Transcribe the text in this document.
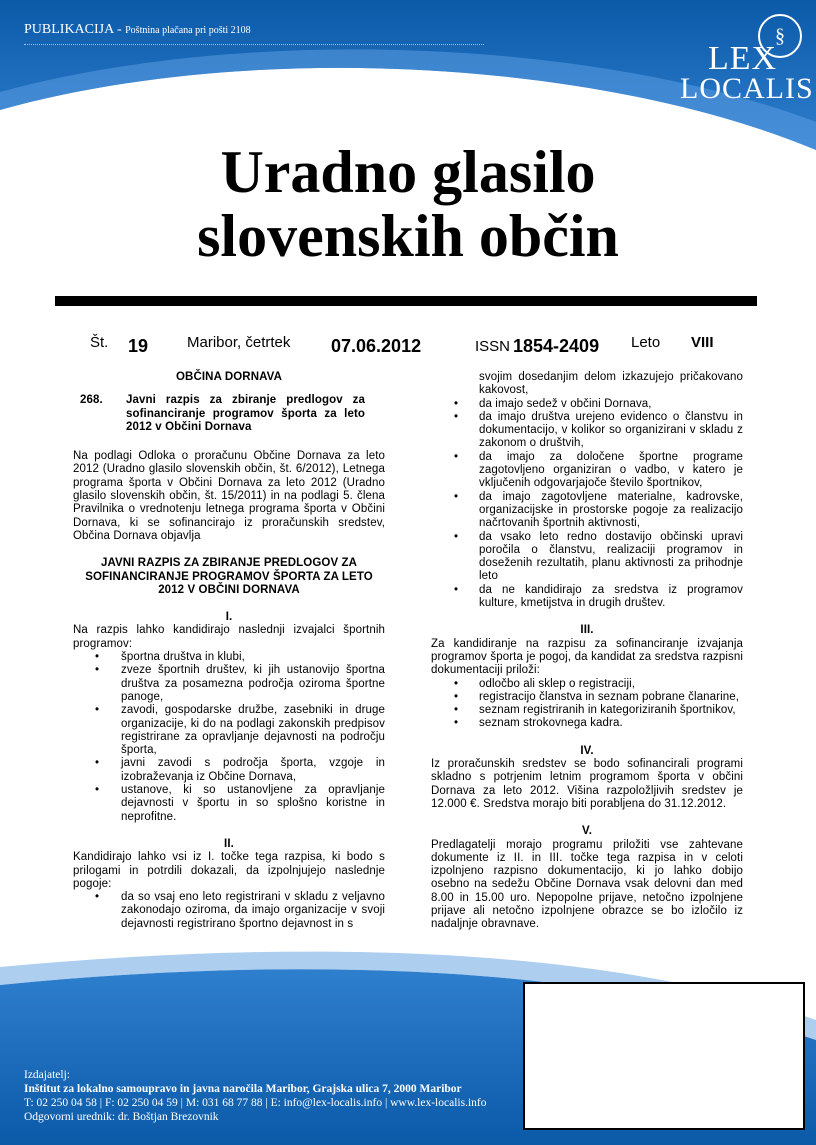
PUBLIKACIJA - Poštnina plačana pri pošti 2108	§
LEX
LOCALIS
Uradno glasilo
slovenskih občin
Št. 19	Maribor, četrtek 07.06.2012	ISSN 1854-2409 Leto VIII
OBČINA DORNAVA
268.	Javni razpis za zbiranje predlogov za sofinanciranje programov športa za leto 2012 v Občini Dornava

Na podlagi Odloka o proračunu Občine Dornava za leto 2012 (Uradno glasilo slovenskih občin, št. 6/2012), Letnega programa športa v Občini Dornava za leto 2012 (Uradno glasilo slovenskih občin, št. 15/2011) in na podlagi 5. člena Pravilnika o vrednotenju letnega programa športa v Občini Dornava, ki se sofinancirajo iz proračunskih sredstev, Občina Dornava objavlja

JAVNI RAZPIS ZA ZBIRANJE PREDLOGOV ZA SOFINANCIRANJE PROGRAMOV ŠPORTA ZA LETO 2012 V OBČINI DORNAVA
I.

Na razpis lahko kandidirajo naslednji izvajalci športnih programov:

• športna društva in klubi,
• zveze športnih društev, ki jih ustanovijo športna društva za posamezna področja oziroma športne panoge,
• zavodi, gospodarske družbe, zasebniki in druge organizacije, ki do na podlagi zakonskih predpisov registrirane za opravljanje dejavnosti na področju športa,
• javni zavodi s področja športa, vzgoje in izobraževanja iz Občine Dornava,
• ustanove, ki so ustanovljene za opravljanje dejavnosti v športu in so splošno koristne in neprofitne.
II.

Kandidirajo lahko vsi iz I. točke tega razpisa, ki bodo s prilogami in potrdili dokazali, da izpolnjujejo naslednje pogoje:

• da so vsaj eno leto registrirani v skladu z veljavno zakonodajo oziroma, da imajo organizacije v svoji dejavnosti registrirano športno dejavnost in s
svojim dosedanjim delom izkazujejo pričakovano kakovost,
• da imajo sedež v občini Dornava,
• da imajo društva urejeno evidenco o članstvu in dokumentacijo, v kolikor so organizirani v skladu z zakonom o društvih,
• da imajo za določene športne programe zagotovljeno organiziran o vadbo, v katero je vključenih odgovarjajoče število športnikov,
• da imajo zagotovljene materialne, kadrovske, organizacijske in prostorske pogoje za realizacijo načrtovanih športnih aktivnosti,
• da vsako leto redno dostavijo občinski upravi poročila o članstvu, realizaciji programov in doseženih rezultatih, planu aktivnosti za prihodnje leto
• da ne kandidirajo za sredstva iz programov kulture, kmetijstva in drugih društev.
III.

Za kandidiranje na razpisu za sofinanciranje izvajanja programov športa je pogoj, da kandidat za sredstva razpisni dokumentaciji priloži:

• odločbo ali sklep o registraciji,
• registracijo članstva in seznam pobrane članarine,
• seznam registriranih in kategoriziranih športnikov,
• seznam strokovnega kadra.
IV.

Iz proračunskih sredstev se bodo sofinancirali programi skladno s potrjenim letnim programom športa v občini Dornava za leto 2012. Višina razpoložljivih sredstev je 12.000 €. Sredstva morajo biti porabljena do 31.12.2012.

V.

Predlagatelji morajo programu priložiti vse zahtevane dokumente iz II. in III. točke tega razpisa in v celoti izpolnjeno razpisno dokumentacijo, ki jo lahko dobijo osebno na sedežu Občine Dornava vsak delovni dan med 8.00 in 15.00 uro. Nepopolne prijave, netočno izpolnjene prijave ali netočno izpolnjene obrazce se bo izločilo iz nadaljnje obravnave.

Izdajatelj:
Inštitut za lokalno samoupravo in javna naročila Maribor, Grajska ulica 7, 2000 Maribor
T: 02 250 04 58 | F: 02 250 04 59 | M: 031 68 77 88 | E: info@lex-localis.info | www.lex-localis.info
Odgovorni urednik: dr. Boštjan Brezovnik
